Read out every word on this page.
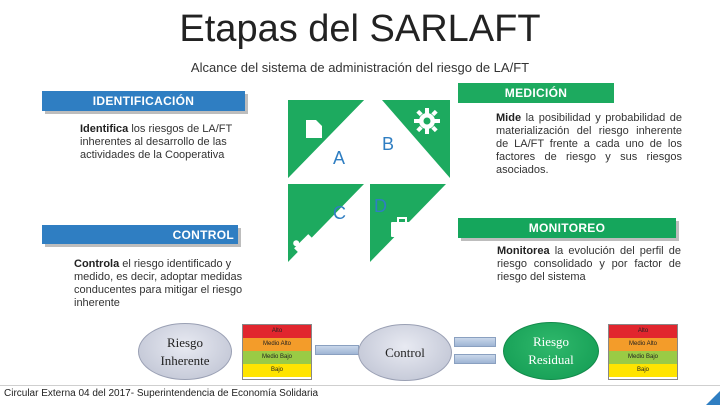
Etapas del SARLAFT
Alcance del sistema de administración del riesgo de LA/FT
A
B
C D
IDENTIFICACIÓN
Identifica los riesgos de LA/FT inherentes al desarrollo de las actividades de la Cooperativa
MEDICIÓN
Mide la posibilidad y probabilidad de materialización del riesgo inherente de LA/FT frente a cada uno de los factores de riesgo y sus riesgos asociados.
CONTROL
Controla el riesgo identificado y medido, es decir, adoptar medidas conducentes para mitigar el riesgo inherente
MONITOREO
Monitorea la evolución del perfil de riesgo consolidado y por factor de riesgo del sistema
Riesgo Inherente
Alto
Medio Alto
Medio Bajo
Bajo
Control
Riesgo Residual
Alto
Medio Alto
Medio Bajo
Bajo
Circular Externa 04 del 2017- Superintendencia de Economía Solidaria
